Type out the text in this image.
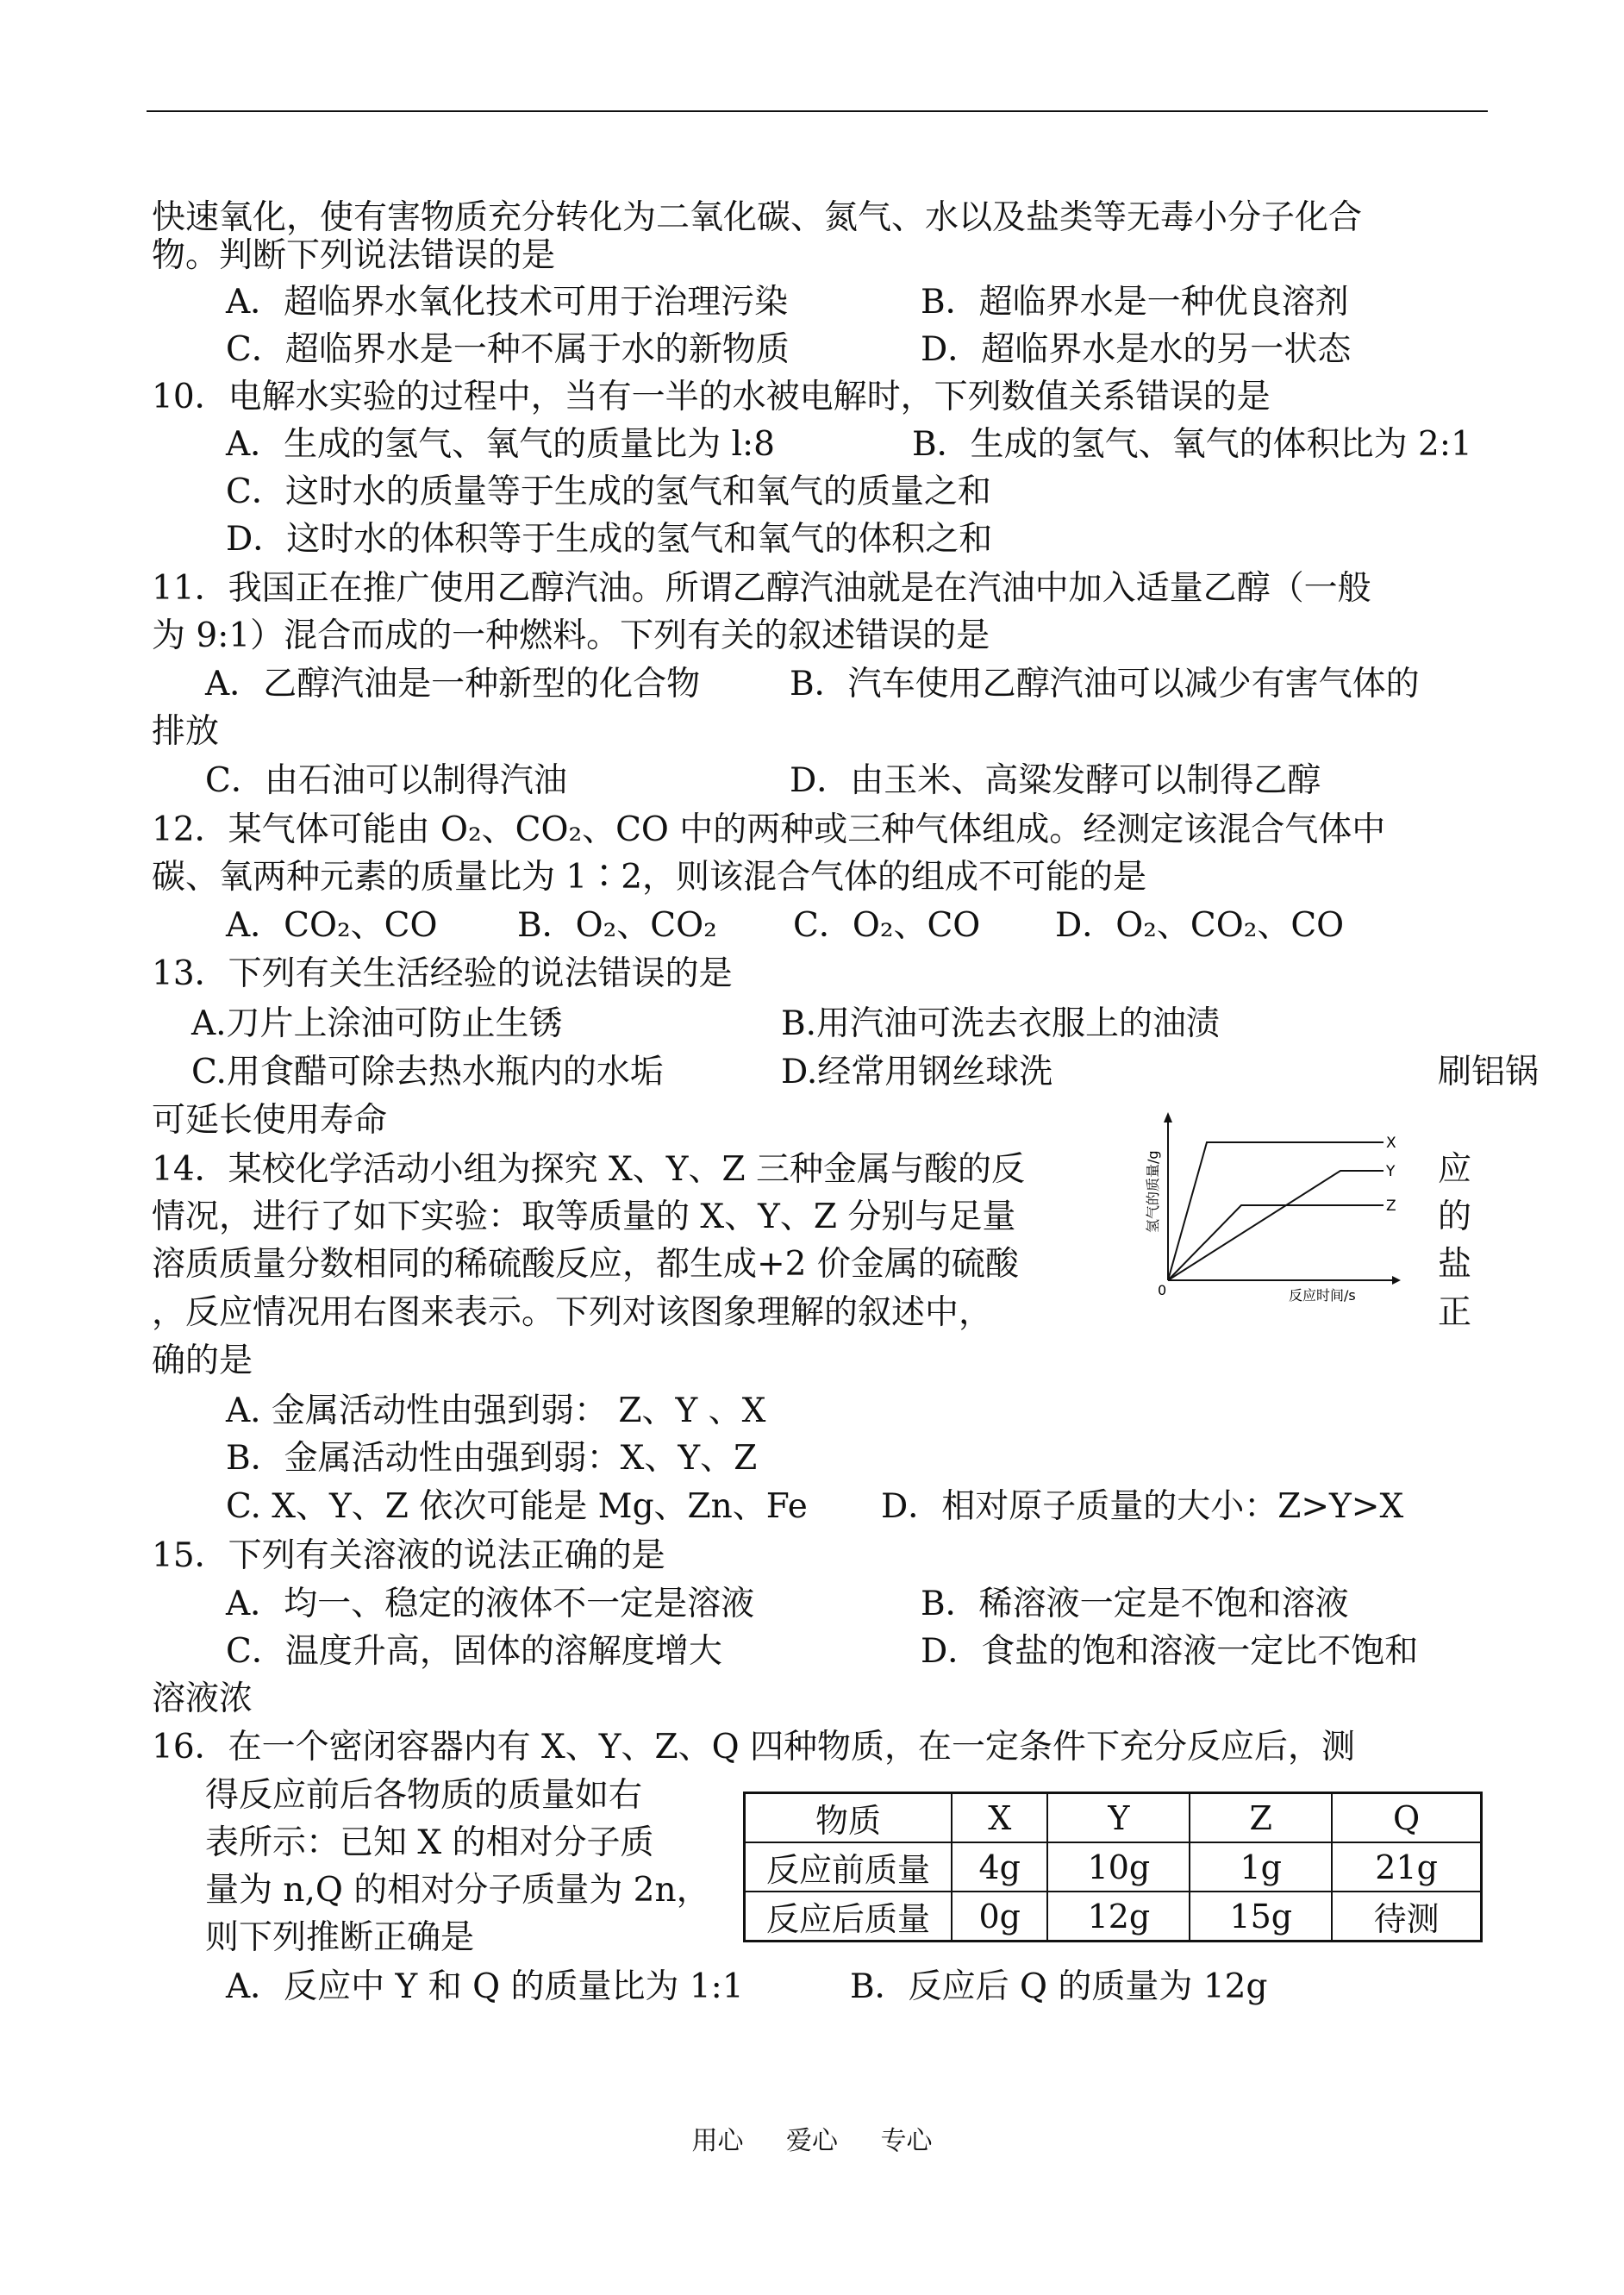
快速氧化，使有害物质充分转化为二氧化碳、氮气、水以及盐类等无毒小分子化合
物。判断下列说法错误的是
A．超临界水氧化技术可用于治理污染	B．超临界水是一种优良溶剂
C．超临界水是一种不属于水的新物质	D．超临界水是水的另一状态
10．电解水实验的过程中，当有一半的水被电解时，下列数值关系错误的是
A．生成的氢气、氧气的质量比为 l:8	B．生成的氢气、氧气的体积比为 2:1
C．这时水的质量等于生成的氢气和氧气的质量之和
D．这时水的体积等于生成的氢气和氧气的体积之和
11．我国正在推广使用乙醇汽油。所谓乙醇汽油就是在汽油中加入适量乙醇（一般
为 9:1）混合而成的一种燃料。下列有关的叙述错误的是
A．乙醇汽油是一种新型的化合物	B．汽车使用乙醇汽油可以减少有害气体的
排放
C．由石油可以制得汽油	D．由玉米、高粱发酵可以制得乙醇
12．某气体可能由 O₂、CO₂、CO 中的两种或三种气体组成。经测定该混合气体中
碳、氧两种元素的质量比为 1∶2，则该混合气体的组成不可能的是
A．CO₂、CO B．O₂、CO₂ C．O₂、CO D．O₂、CO₂、CO
13．下列有关生活经验的说法错误的是
A.刀片上涂油可防止生锈	B.用汽油可洗去衣服上的油渍
C.用食醋可除去热水瓶内的水垢	D.经常用钢丝球洗	刷铝锅
可延长使用寿命
14．某校化学活动小组为探究 X、Y、Z 三种金属与酸的反	应
情况，进行了如下实验：取等质量的 X、Y、Z 分别与足量	的
溶质质量分数相同的稀硫酸反应，都生成+2 价金属的硫酸	盐
，反应情况用右图来表示。下列对该图象理解的叙述中，	正
确的是
A. 金属活动性由强到弱： Z、Y 、X
B．金属活动性由强到弱：X、Y、Z
C. X、Y、Z 依次可能是 Mg、Zn、Fe D．相对原子质量的大小：Z>Y>X
15．下列有关溶液的说法正确的是
A．均一、稳定的液体不一定是溶液	B．稀溶液一定是不饱和溶液
C．温度升高，固体的溶解度增大	D．食盐的饱和溶液一定比不饱和
溶液浓
16．在一个密闭容器内有 X、Y、Z、Q 四种物质，在一定条件下充分反应后，测
得反应前后各物质的质量如右
表所示：已知 X 的相对分子质
量为 n,Q 的相对分子质量为 2n，
则下列推断正确是
A．反应中 Y 和 Q 的质量比为 1:1	B．反应后 Q 的质量为 12g
X
Y
Z
0	反应时间/s
氢气的质量/g
物质	X	Y	Z	Q
反应前质量	4g	10g	1g	21g
反应后质量	0g	12g	15g	待测
用心 爱心 专心
